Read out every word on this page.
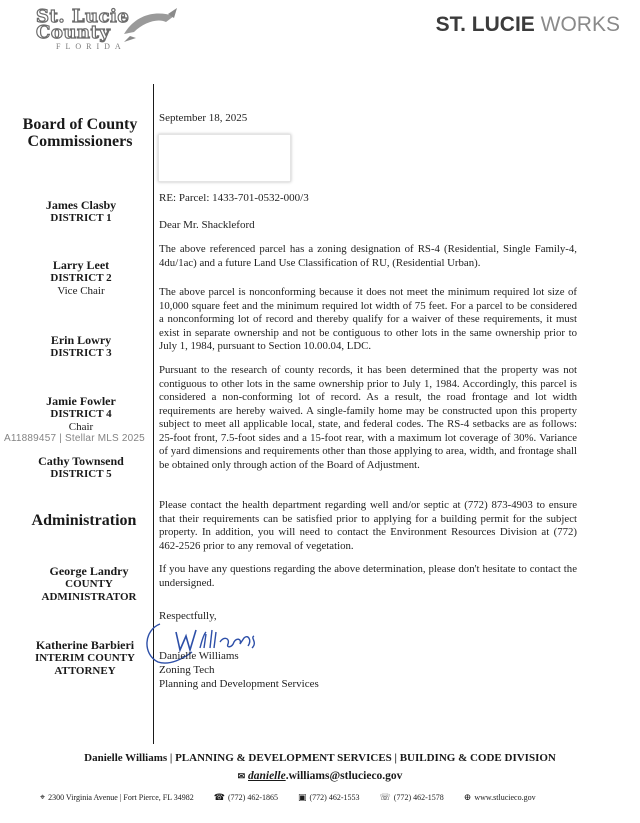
St. Lucie
County
FLORIDA
ST. LUCIE WORKS
Board of County
Commissioners
James Clasby
DISTRICT 1
Larry Leet
DISTRICT 2
Vice Chair
Erin Lowry
DISTRICT 3
Jamie Fowler
DISTRICT 4
Chair
Cathy Townsend
DISTRICT 5
Administration
George Landry
COUNTY
ADMINISTRATOR
Katherine Barbieri
INTERIM COUNTY
ATTORNEY
September 18, 2025
RE: Parcel: 1433-701-0532-000/3
Dear Mr. Shackleford
The above referenced parcel has a zoning designation of RS-4 (Residential, Single Family-4, 4du/1ac) and a future Land Use Classification of RU, (Residential Urban).
The above parcel is nonconforming because it does not meet the minimum required lot size of 10,000 square feet and the minimum required lot width of 75 feet. For a parcel to be considered a nonconforming lot of record and thereby qualify for a waiver of these requirements, it must exist in separate ownership and not be contiguous to other lots in the same ownership prior to July 1, 1984, pursuant to Section 10.00.04, LDC.
Pursuant to the research of county records, it has been determined that the property was not contiguous to other lots in the same ownership prior to July 1, 1984. Accordingly, this parcel is considered a non-conforming lot of record. As a result, the road frontage and lot width requirements are hereby waived. A single-family home may be constructed upon this property subject to meet all applicable local, state, and federal codes. The RS-4 setbacks are as follows: 25-foot front, 7.5-foot sides and a 15-foot rear, with a maximum lot coverage of 30%. Variance of yard dimensions and requirements other than those applying to area, width, and frontage shall be obtained only through action of the Board of Adjustment.
Please contact the health department regarding well and/or septic at (772) 873-4903 to ensure that their requirements can be satisfied prior to applying for a building permit for the subject property. In addition, you will need to contact the Environment Resources Division at (772) 462-2526 prior to any removal of vegetation.
If you have any questions regarding the above determination, please don't hesitate to contact the undersigned.
Respectfully,
Danielle Williams
Zoning Tech
Planning and Development Services
A11889457 | Stellar MLS 2025
Danielle Williams | PLANNING & DEVELOPMENT SERVICES | BUILDING & CODE DIVISION
✉ danielle.williams@stlucieco.gov
⌖ 2300 Virginia Avenue | Fort Pierce, FL 34982 ☎ (772) 462-1865 ▣ (772) 462-1553 ☏ (772) 462-1578 ⊕ www.stlucieco.gov
